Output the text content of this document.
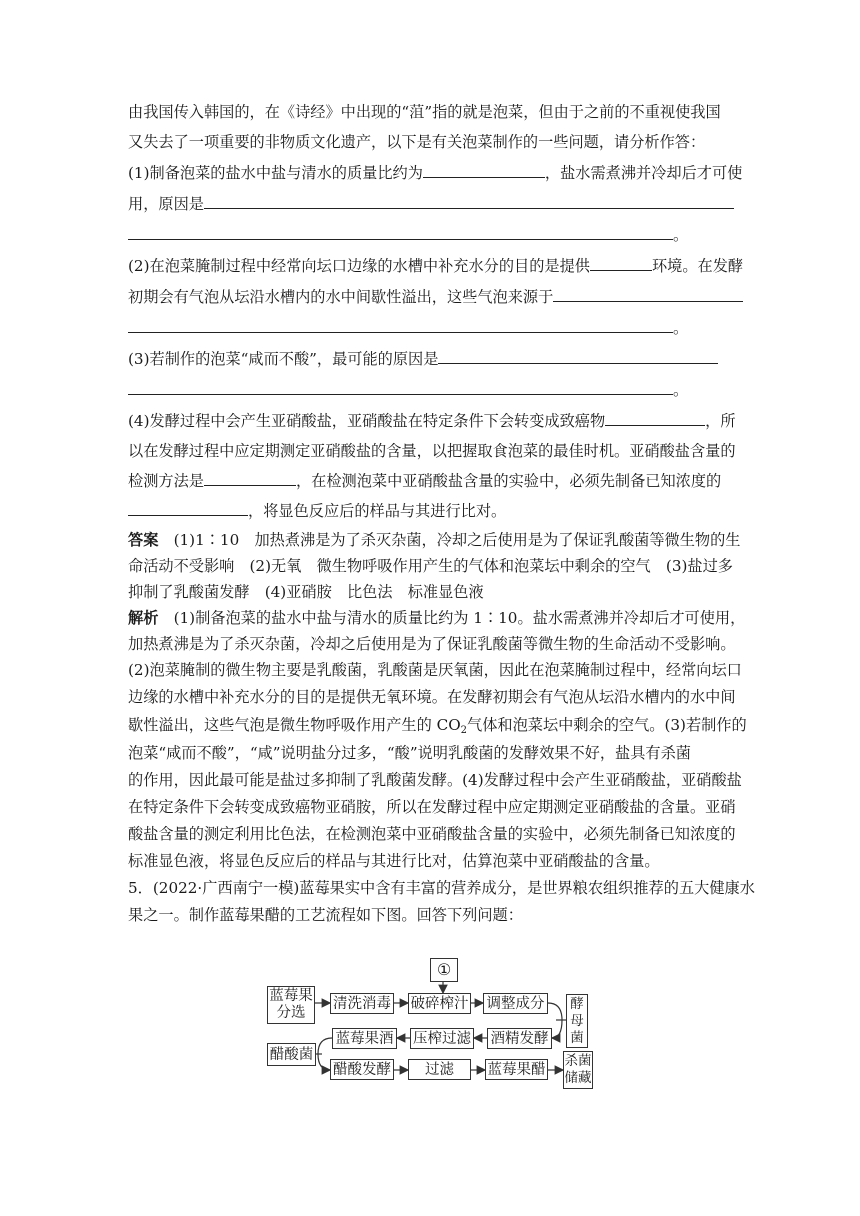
由我国传入韩国的，在《诗经》中出现的“菹”指的就是泡菜，但由于之前的不重视使我国
又失去了一项重要的非物质文化遗产，以下是有关泡菜制作的一些问题，请分析作答：
(1)制备泡菜的盐水中盐与清水的质量比约为	，盐水需煮沸并冷却后才可使
用，原因是
。
(2)在泡菜腌制过程中经常向坛口边缘的水槽中补充水分的目的是提供	环境。在发酵
初期会有气泡从坛沿水槽内的水中间歇性溢出，这些气泡来源于
。
(3)若制作的泡菜“咸而不酸”，最可能的原因是
。
(4)发酵过程中会产生亚硝酸盐，亚硝酸盐在特定条件下会转变成致癌物	，所
以在发酵过程中应定期测定亚硝酸盐的含量，以把握取食泡菜的最佳时机。亚硝酸盐含量的
检测方法是	，在检测泡菜中亚硝酸盐含量的实验中，必须先制备已知浓度的
，将显色反应后的样品与其进行比对。
答案　 (1)1∶10　加热煮沸是为了杀灭杂菌，冷却之后使用是为了保证乳酸菌等微生物的生
命活动不受影响　(2)无氧　微生物呼吸作用产生的气体和泡菜坛中剩余的空气　(3)盐过多
抑制了乳酸菌发酵　(4)亚硝胺　比色法　标准显色液
解析　 (1)制备泡菜的盐水中盐与清水的质量比约为 1∶10。盐水需煮沸并冷却后才可使用，
加热煮沸是为了杀灭杂菌，冷却之后使用是为了保证乳酸菌等微生物的生命活动不受影响。
(2)泡菜腌制的微生物主要是乳酸菌，乳酸菌是厌氧菌，因此在泡菜腌制过程中，经常向坛口
边缘的水槽中补充水分的目的是提供无氧环境。在发酵初期会有气泡从坛沿水槽内的水中间
歇性溢出，这些气泡是微生物呼吸作用产生的 $CO_2$气体和泡菜坛中剩余的空气。(3)若制作的
泡菜“咸而不酸”，“咸”说明盐分过多，“酸”说明乳酸菌的发酵效果不好，盐具有杀菌
的作用，因此最可能是盐过多抑制了乳酸菌发酵。(4)发酵过程中会产生亚硝酸盐，亚硝酸盐
在特定条件下会转变成致癌物亚硝胺，所以在发酵过程中应定期测定亚硝酸盐的含量。亚硝
酸盐含量的测定利用比色法，在检测泡菜中亚硝酸盐含量的实验中，必须先制备已知浓度的
标准显色液，将显色反应后的样品与其进行比对，估算泡菜中亚硝酸盐的含量。
5．(2022·广西南宁一模)蓝莓果实中含有丰富的营养成分，是世界粮农组织推荐的五大健康水
果之一。制作蓝莓果醋的工艺流程如下图。回答下列问题：
①
蓝莓果
分选
清洗消毒 破碎榨汁 调整成分	酵
母
菌
蓝莓果酒 压榨过滤 酒精发酵
醋酸菌
醋酸发酵	过滤	蓝莓果醋
杀菌
储藏
